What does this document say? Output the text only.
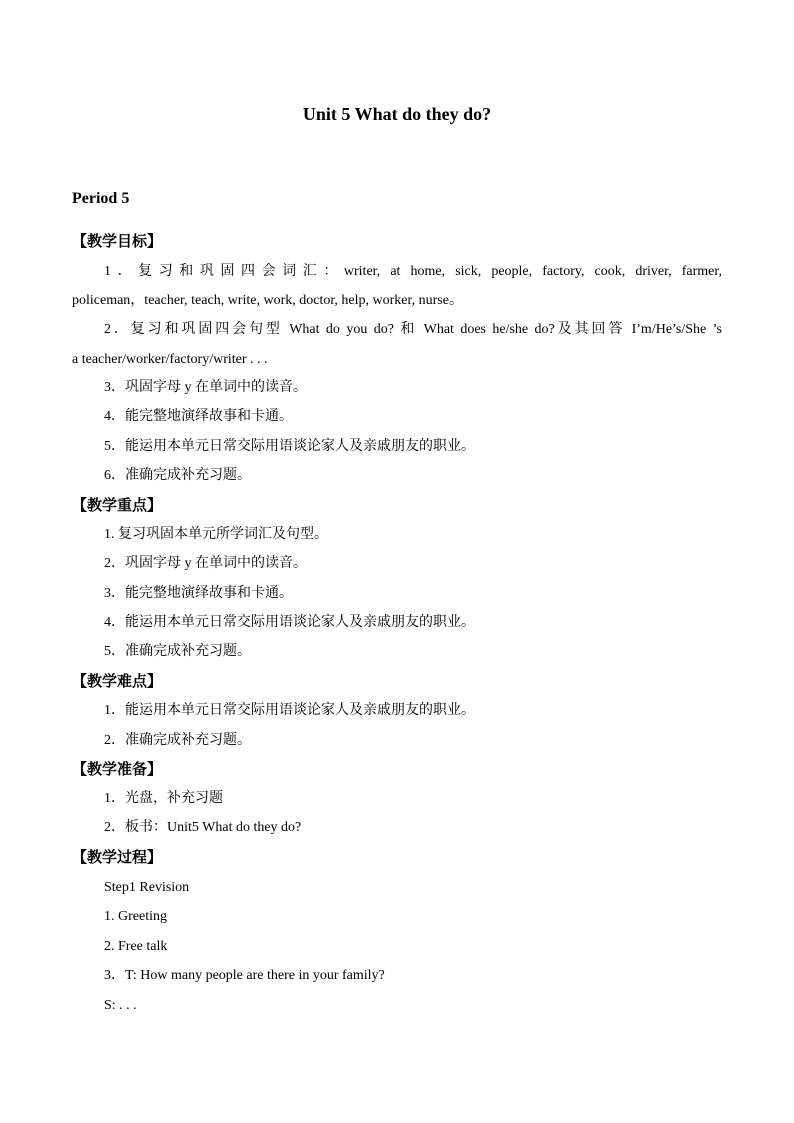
Unit 5 What do they do?
Period 5
【教学目标】
1．复习和巩固四会词汇：writer, at home, sick, people, factory, cook, driver, farmer,
policeman，teacher, teach, write, work, doctor, help, worker, nurse。
2．复习和巩固四会句型 What do you do? 和 What does he/she do?及其回答 I’m/He’s/She ’s
a teacher/worker/factory/writer . . .
3．巩固字母 y 在单词中的读音。
4．能完整地演绎故事和卡通。
5．能运用本单元日常交际用语谈论家人及亲戚朋友的职业。
6．准确完成补充习题。
【教学重点】
1. 复习巩固本单元所学词汇及句型。
2．巩固字母 y 在单词中的读音。
3．能完整地演绎故事和卡通。
4．能运用本单元日常交际用语谈论家人及亲戚朋友的职业。
5．准确完成补充习题。
【教学难点】
1．能运用本单元日常交际用语谈论家人及亲戚朋友的职业。
2．准确完成补充习题。
【教学准备】
1．光盘，补充习题
2．板书：Unit5 What do they do?
【教学过程】
Step1 Revision
1. Greeting
2. Free talk
3．T: How many people are there in your family?
S: . . .
